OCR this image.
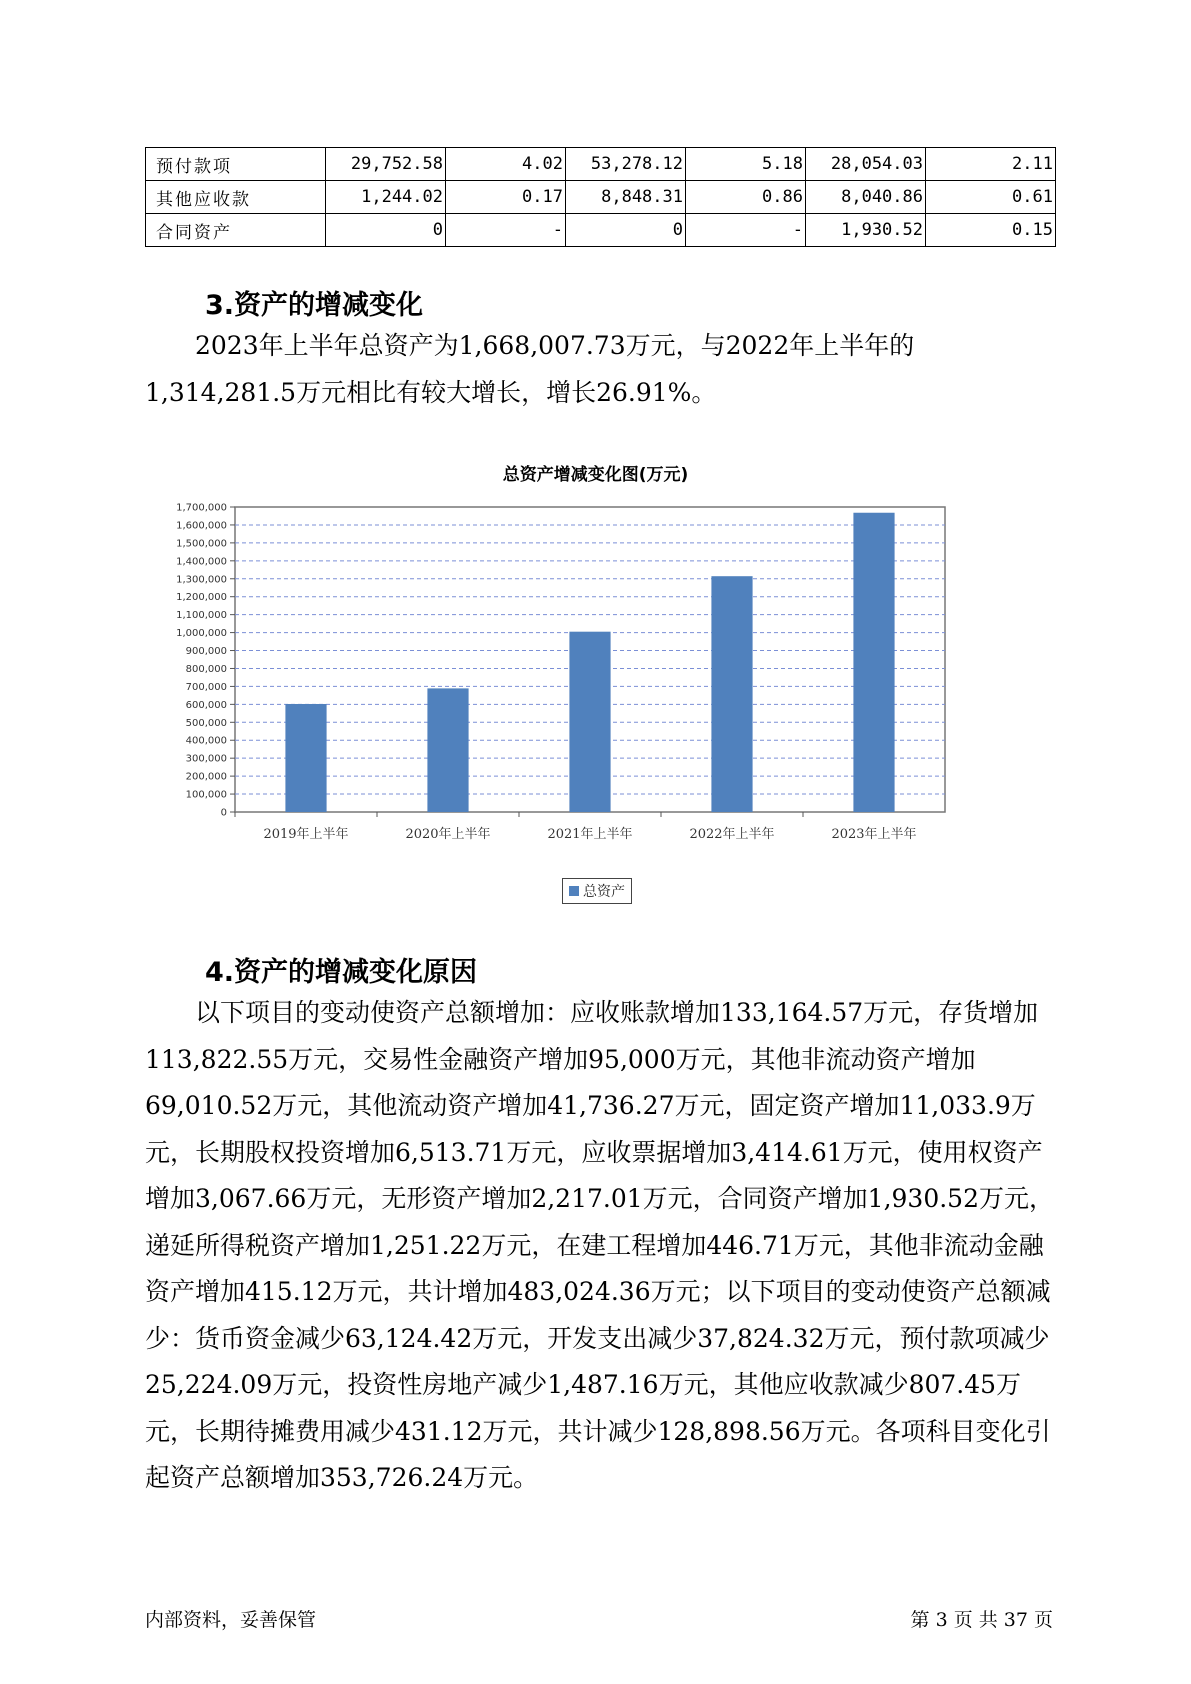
预付款项	29,752.58	4.02	53,278.12	5.18	28,054.03	2.11
其他应收款	1,244.02	0.17	8,848.31	0.86	8,040.86	0.61
合同资产	0	-	0	-	1,930.52	0.15
3.资产的增减变化

2023年上半年总资产为1,668,007.73万元，与2022年上半年的1,314,281.5万元相比有较大增长，增长26.91%。

总资产增减变化图(万元)
0
100,000
200,000
300,000
400,000
500,000
600,000
700,000
800,000
900,000
1,000,000
1,100,000
1,200,000
1,300,000
1,400,000
1,500,000
1,600,000
1,700,000
2019年上半年	2020年上半年	2021年上半年	2022年上半年	2023年上半年
总资产
4.资产的增减变化原因

以下项目的变动使资产总额增加：应收账款增加133,164.57万元，存货增加113,822.55万元，交易性金融资产增加95,000万元，其他非流动资产增加69,010.52万元，其他流动资产增加41,736.27万元，固定资产增加11,033.9万元，长期股权投资增加6,513.71万元，应收票据增加3,414.61万元，使用权资产增加3,067.66万元，无形资产增加2,217.01万元，合同资产增加1,930.52万元，递延所得税资产增加1,251.22万元，在建工程增加446.71万元，其他非流动金融资产增加415.12万元，共计增加483,024.36万元；以下项目的变动使资产总额减少：货币资金减少63,124.42万元，开发支出减少37,824.32万元，预付款项减少25,224.09万元，投资性房地产减少1,487.16万元，其他应收款减少807.45万元，长期待摊费用减少431.12万元，共计减少128,898.56万元。各项科目变化引起资产总额增加353,726.24万元。

内部资料，妥善保管	第 3 页 共 37 页
